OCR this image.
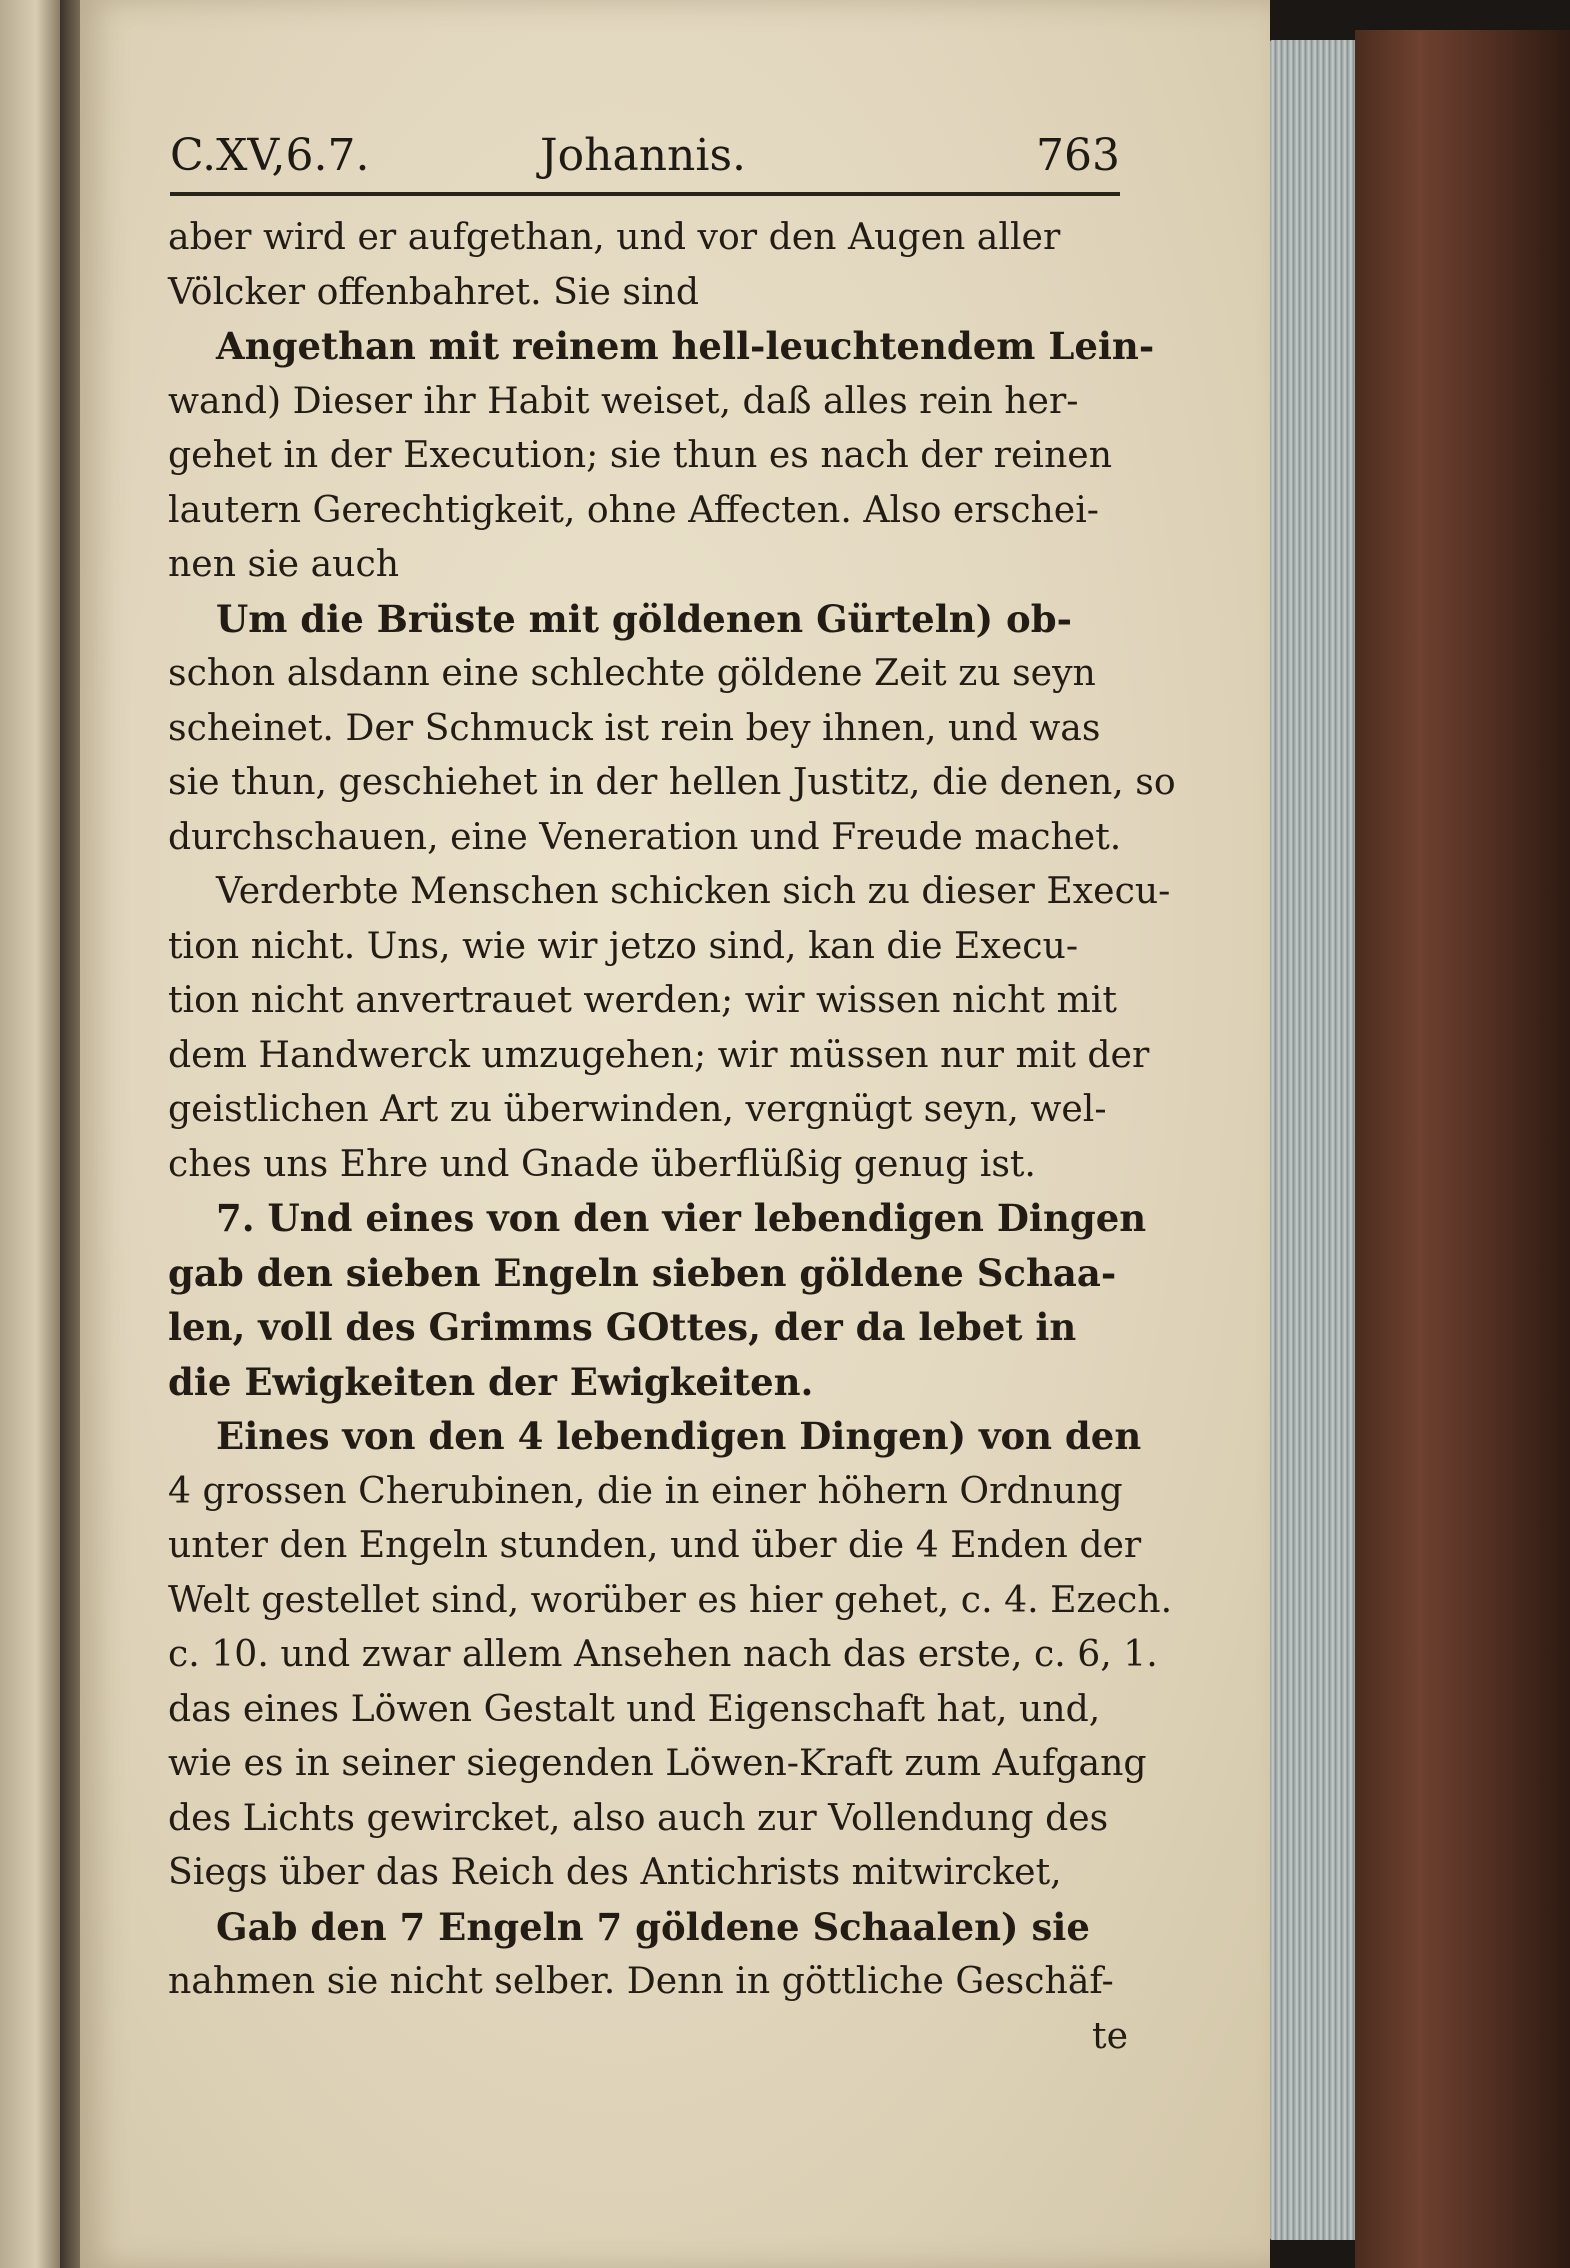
C.XV,6.7.	Johannis.	763
aber wird er aufgethan, und vor den Augen aller
Völcker offenbahret. Sie sind
Angethan mit reinem hell-leuchtendem Lein-
wand) Dieser ihr Habit weiset, daß alles rein her-
gehet in der Execution; sie thun es nach der reinen
lautern Gerechtigkeit, ohne Affecten. Also erschei-
nen sie auch
Um die Brüste mit göldenen Gürteln) ob-
schon alsdann eine schlechte göldene Zeit zu seyn
scheinet. Der Schmuck ist rein bey ihnen, und was
sie thun, geschiehet in der hellen Justitz, die denen, so
durchschauen, eine Veneration und Freude machet.
Verderbte Menschen schicken sich zu dieser Execu-
tion nicht. Uns, wie wir jetzo sind, kan die Execu-
tion nicht anvertrauet werden; wir wissen nicht mit
dem Handwerck umzugehen; wir müssen nur mit der
geistlichen Art zu überwinden, vergnügt seyn, wel-
ches uns Ehre und Gnade überflüßig genug ist.
7. Und eines von den vier lebendigen Dingen
gab den sieben Engeln sieben göldene Schaa-
len, voll des Grimms GOttes, der da lebet in
die Ewigkeiten der Ewigkeiten.
Eines von den 4 lebendigen Dingen) von den
4 grossen Cherubinen, die in einer höhern Ordnung
unter den Engeln stunden, und über die 4 Enden der
Welt gestellet sind, worüber es hier gehet, c. 4. Ezech.
c. 10. und zwar allem Ansehen nach das erste, c. 6, 1.
das eines Löwen Gestalt und Eigenschaft hat, und,
wie es in seiner siegenden Löwen-Kraft zum Aufgang
des Lichts gewircket, also auch zur Vollendung des
Siegs über das Reich des Antichrists mitwircket,
Gab den 7 Engeln 7 göldene Schaalen) sie
nahmen sie nicht selber. Denn in göttliche Geschäf-
te
